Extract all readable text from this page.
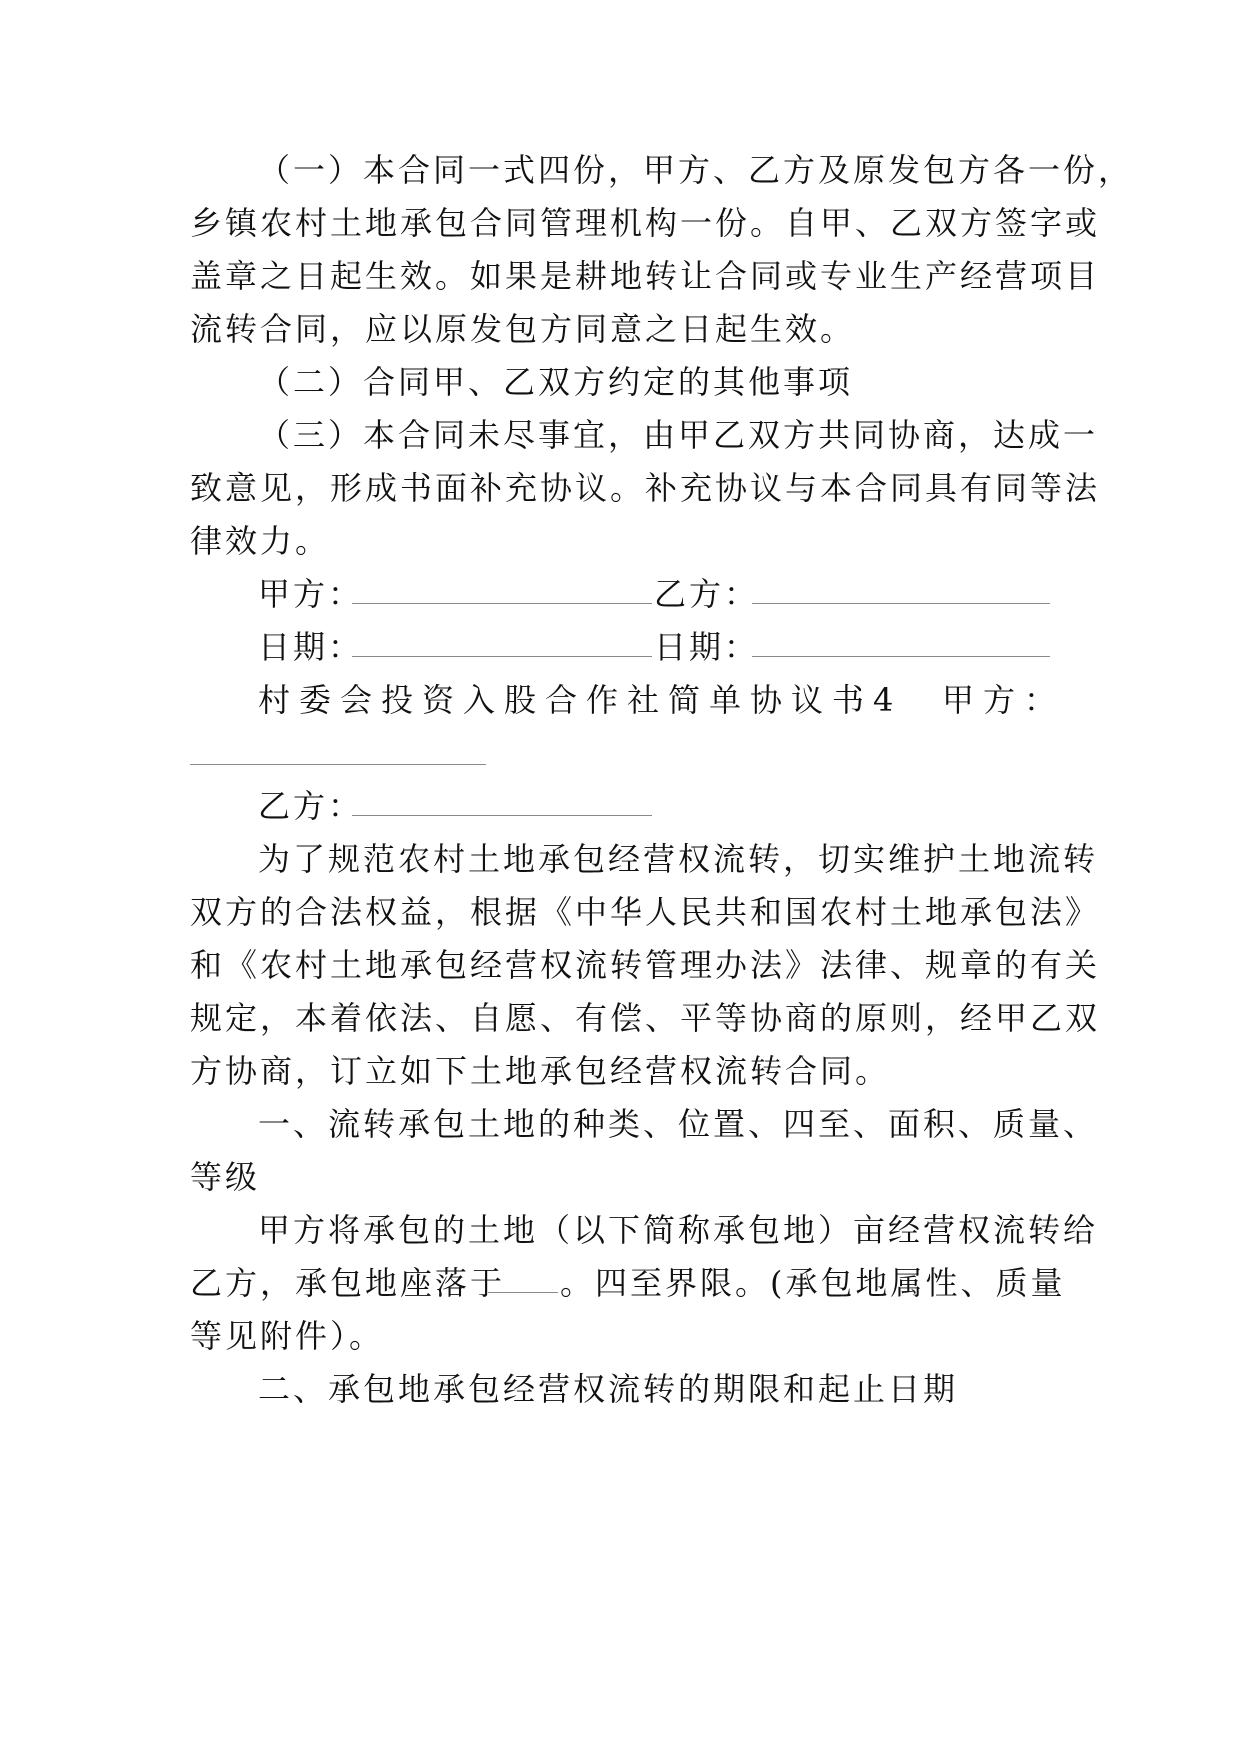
（一）本合同一式四份，甲方、乙方及原发包方各一份，
乡镇农村土地承包合同管理机构一份。自甲、乙双方签字或
盖章之日起生效。如果是耕地转让合同或专业生产经营项目
流转合同，应以原发包方同意之日起生效。
（二）合同甲、乙双方约定的其他事项
（三）本合同未尽事宜，由甲乙双方共同协商，达成一
致意见，形成书面补充协议。补充协议与本合同具有同等法
律效力。
甲方：	乙方：
日期：	日期：
村委会投资入股合作社简单协议书4 甲方：
乙方：
为了规范农村土地承包经营权流转，切实维护土地流转
双方的合法权益，根据《中华人民共和国农村土地承包法》
和《农村土地承包经营权流转管理办法》法律、规章的有关
规定，本着依法、自愿、有偿、平等协商的原则，经甲乙双
方协商，订立如下土地承包经营权流转合同。
一、流转承包土地的种类、位置、四至、面积、质量、
等级
甲方将承包的土地（以下简称承包地）亩经营权流转给
乙方，承包地座落于 。四至界限。(承包地属性、质量
等见附件）。
二、承包地承包经营权流转的期限和起止日期
